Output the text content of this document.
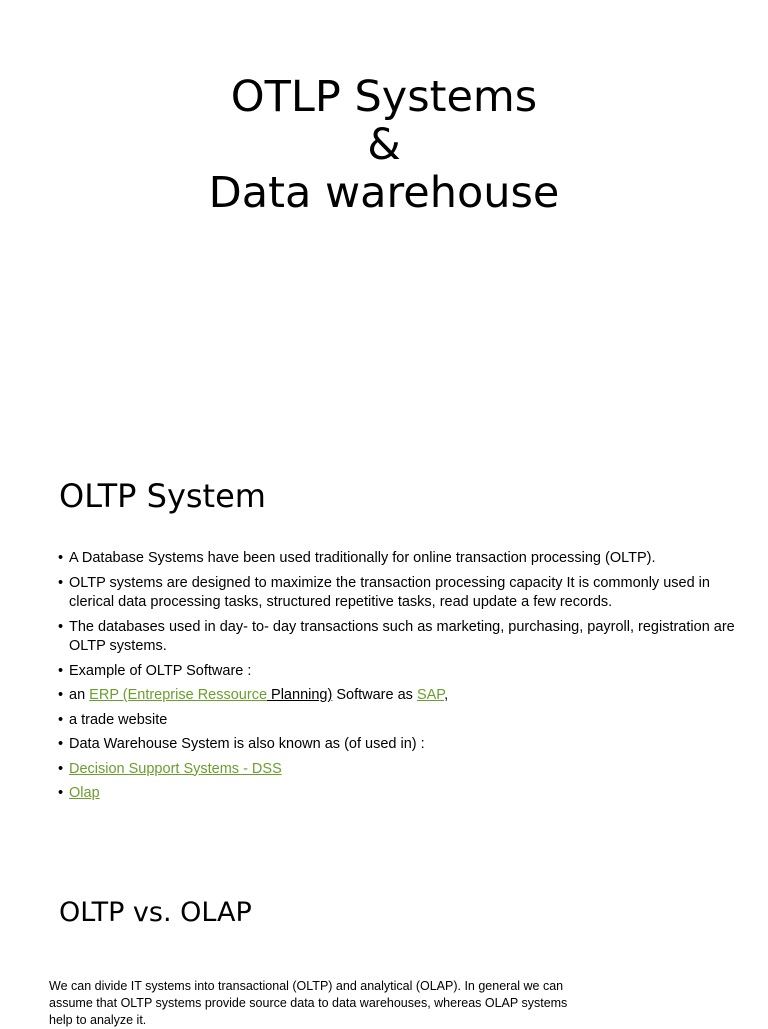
OTLP Systems
&
Data warehouse
OLTP System
• A Database Systems have been used traditionally for online transaction processing (OLTP).
• OLTP systems are designed to maximize the transaction processing capacity It is commonly used in clerical data processing tasks, structured repetitive tasks, read update a few records.
• The databases used in day- to- day transactions such as marketing, purchasing, payroll, registration are OLTP systems.
• Example of OLTP Software :
• an ERP (Entreprise Ressource Planning) Software as SAP,
• a trade website
• Data Warehouse System is also known as (of used in) :
• Decision Support Systems - DSS
• Olap
OLTP vs. OLAP

We can divide IT systems into transactional (OLTP) and analytical (OLAP). In general we can assume that OLTP systems provide source data to data warehouses, whereas OLAP systems help to analyze it.
